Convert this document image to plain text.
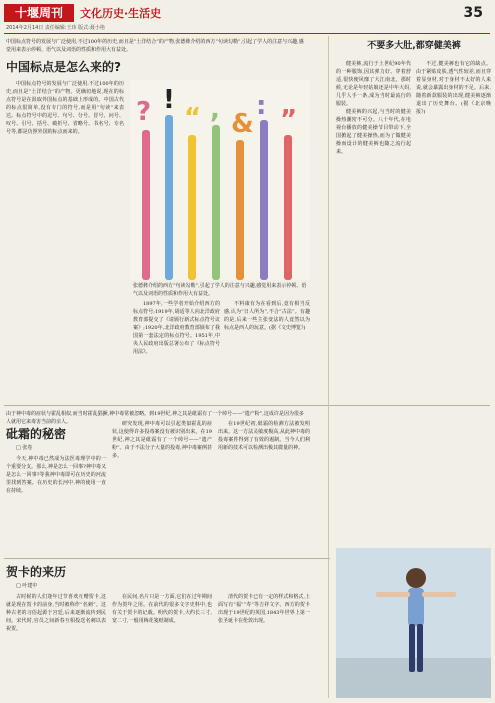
十堰周刊	文化历史·生活史
2014年2月14日 责任编辑:王玮 版式:聂小艳
35
中国标点符号的发展与广泛使用,不过100年的历史,而且是“土洋结合”的产物,张德彝介绍的西方“句读勾勒”,引起了学人的注意与兴趣,感觉用来表示停顿、语气以及词语的性质和作用大有益处。
中国标点是怎么来的?

中国标点符号的发展与广泛使用,不过100年的历史,而且是“土洋结合”的产物。更确切地说,现在的标点符号是在汲取外国标点的基础上形成的。中国古代的标点很简单,没有专门的符号,而是用“句读”来表达。标点符号中的逗号、句号、分号、冒号、问号、叹号、引号、括号、破折号、省略号、书名号、专名号等,都是仿照外国的标点而来的。

? !
“ , &
: ”
张德彝介绍的西方“句读勾勒”,引起了学人的注意与兴趣,感觉用来表示停顿、语气以及词语的性质和作用大有益处。

1897年,一些学者开始介绍西方的标点符号;1919年,胡适等人向北洋政府教育部提交了《请颁行新式标点符号议案》;1920年,北洋政府教育部颁布了我国第一套法定的标点符号。1951年,中央人民政府出版总署公布了《标点符号用法》。

不料康有为在看到后,竟有相当反感,认为“日人所为”,不合“古法”。有趣的是,后来一些主张变法的人竟然以为标点是西人的玩意。(据《文史博览》)

由于神中毒的症状与霍乱相似,而当时霍乱猖獗,神中毒常被忽略。到19世纪,神之其是砒霜有了一个绰号——“遗产粉”,这成许是因为很多人就用它来毒害当前的亲人。
砒霜的秘密
□ 张卷

今天,神中毒已然成为法医毒理学中的一个重要分支。那么,神是怎么一回事?神中毒又是怎么一回事?等我神中毒即可在历史的河流里找到答案。在历史的长河中,神的使用一直在持续。

研究发现,神中毒可以引起类似霍乱的症状,这使得许多投毒案没有被识别出来。在19世纪,神之其是砒霜有了一个绰号——“遗产粉”。由于不法分子大量的投毒,神中毒案例甚多。

在19世纪初,砒霜的检测方法被发明出来。这一方法灵敏度极高,从此神中毒的投毒案件得到了有效的遏制。当今人们利用新的技术可以检测出极其微量的神。

贺卡的来历
□ 叶建中

古时候的人们逢年过节喜欢互赠贺卡,这就是现在贺卡的前身,当时被称作“名刺”。这种古老的习俗起源于宫廷,后来逐渐流传到民间。宋代时,官员之间新春互相投送名刺以表祝贺。

在民间,名片只是一方面,它们在过年期间作为贺年之用。在前代的很多文字史料中,也有关于贺卡的记载。明代的贺卡,大约长三寸,宽二寸,一般用梅花笺纸制成。

清代的贺卡已有一定的样式和格式,上面写有“福”“寿”等吉祥文字。西方的贺卡出现于19世纪的英国,1843年世界上第一张圣诞卡在伦敦出现。

不要多大肚,都穿健美裤

健美裤,流行于上世纪90年代的一种服饰,因其弹力好、穿着舒适,很快便风靡了大江南北。那时候,无论是年轻姑娘还是中年大妈,几乎人手一条,成为当时最流行的服装。

健美裤的兴起,与当时的健美操热潮密不可分。八十年代,在电视台播放的健美操节目带动下,全国掀起了健美操热,而为了做健美操而设计的健美裤也随之流行起来。

不过,健美裤也有它的缺点。由于紧贴皮肤,透气性较差,而且穿着显身材,对于身材不太好的人来说,就会暴露出身材的不足。后来,随着新款服装的出现,健美裤逐渐退出了历史舞台。(据《北京晚报》)
